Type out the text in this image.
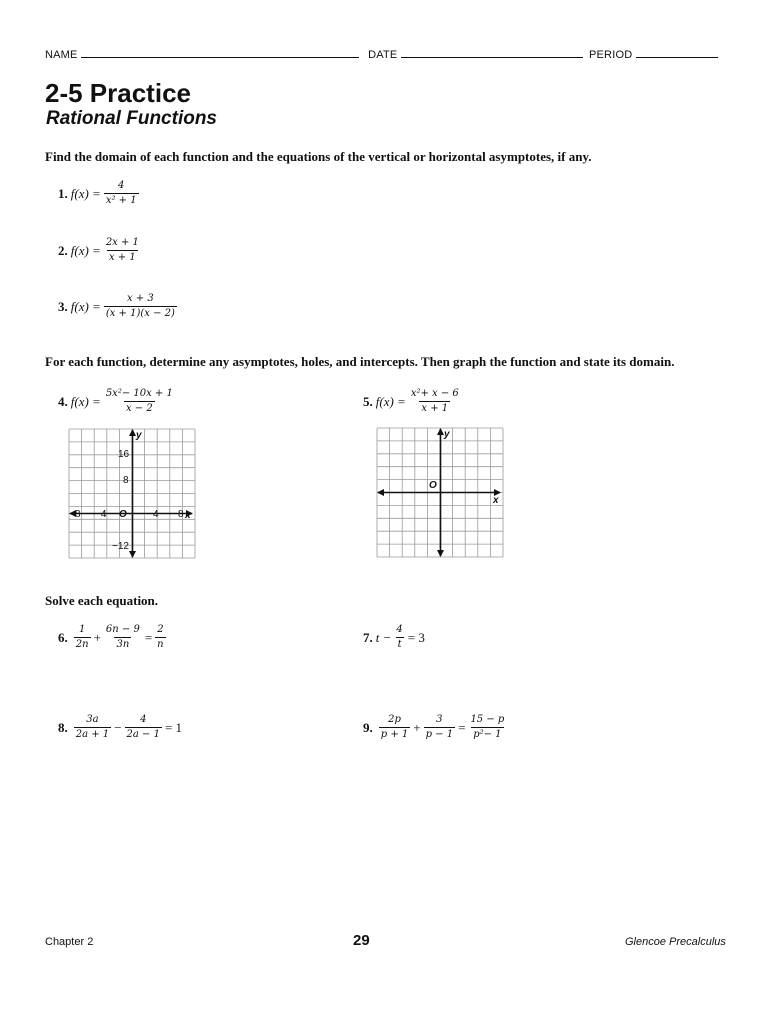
NAME	DATE	PERIOD
2-5 Practice
Rational Functions
Find the domain of each function and the equations of the vertical or horizontal asymptotes, if any.
1. $f(x) = \frac{4}{\text{x² + 1}}$
2. $f(x) = \frac{2x + 1}{x + 1}$
3. $f(x) = \frac{x + 3}{(x + 1)(x - 2)}$
For each function, determine any asymptotes, holes, and intercepts. Then graph the function and state its domain.
4. $f(x) = \frac{\text{5x²− 10x + 1}}{x - 2}$	5. $f(x) = \frac{\text{x²+ x − 6}}{x + 1}$
y
x
O
16
8
−12
−8 −4	4 8
y
x
O
Solve each equation.
6. $\frac{1}{2n} + \frac{6n - 9}{3n} = \frac{2}{n}$	7. $t - \frac{4}{t} = 3$
8. $\frac{3a}{2a + 1} - \frac{4}{2a - 1} = 1$	9. $\frac{2p}{p + 1} + \frac{3}{p - 1} = \frac{15 - p}{\text{p²− 1}}$
Chapter 2	29	Glencoe Precalculus
